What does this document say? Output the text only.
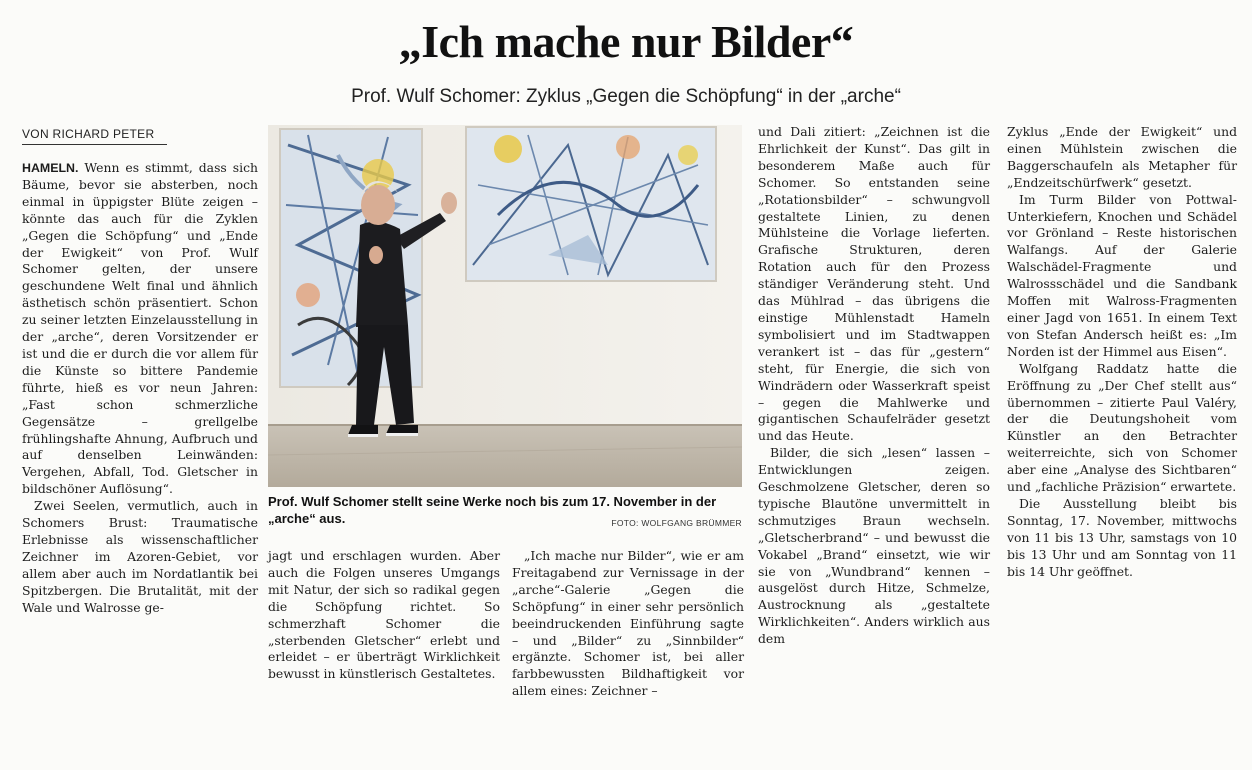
„Ich mache nur Bilder“
Prof. Wulf Schomer: Zyklus „Gegen die Schöpfung“ in der „arche“
VON RICHARD PETER

HAMELN. Wenn es stimmt, dass sich Bäume, bevor sie absterben, noch einmal in üppigster Blüte zeigen – könnte das auch für die Zyklen „Gegen die Schöpfung“ und „Ende der Ewigkeit“ von Prof. Wulf Schomer gelten, der unsere geschundene Welt final und ähnlich ästhetisch schön präsentiert. Schon zu seiner letzten Einzelausstellung in der „arche“, deren Vorsitzender er ist und die er durch die vor allem für die Künste so bittere Pandemie führte, hieß es vor neun Jahren: „Fast schon schmerzliche Gegensätze – grellgelbe frühlingshafte Ahnung, Aufbruch und auf denselben Leinwänden: Vergehen, Abfall, Tod. Gletscher in bildschöner Auflösung“.

Zwei Seelen, vermutlich, auch in Schomers Brust: Traumatische Erlebnisse als wissenschaftlicher Zeichner im Azoren-Gebiet, vor allem aber auch im Nordatlantik bei Spitzbergen. Die Brutalität, mit der Wale und Walrosse ge-

Prof. Wulf Schomer stellt seine Werke noch bis zum 17. November in der „arche“ aus.	FOTO: WOLFGANG BRÜMMER

jagt und erschlagen wurden. Aber auch die Folgen unseres Umgangs mit Natur, der sich so radikal gegen die Schöpfung richtet. So schmerzhaft Schomer die „sterbenden Gletscher“ erlebt und erleidet – er überträgt Wirklichkeit bewusst in künstlerisch Gestaltetes.

„Ich mache nur Bilder“, wie er am Freitagabend zur Vernissage in der „arche“-Galerie „Gegen die Schöpfung“ in einer sehr persönlich beeindruckenden Einführung sagte – und „Bilder“ zu „Sinnbilder“ ergänzte. Schomer ist, bei aller farbbewussten Bildhaftigkeit vor allem eines: Zeichner –

und Dali zitiert: „Zeichnen ist die Ehrlichkeit der Kunst“. Das gilt in besonderem Maße auch für Schomer. So entstanden seine „Rotationsbilder“ – schwungvoll gestaltete Linien, zu denen Mühlsteine die Vorlage lieferten. Grafische Strukturen, deren Rotation auch für den Prozess ständiger Veränderung steht. Und das Mühlrad – das übrigens die einstige Mühlenstadt Hameln symbolisiert und im Stadtwappen verankert ist – das für „gestern“ steht, für Energie, die sich von Windrädern oder Wasserkraft speist – gegen die Mahlwerke und gigantischen Schaufelräder gesetzt und das Heute.

Bilder, die sich „lesen“ lassen – Entwicklungen zeigen. Geschmolzene Gletscher, deren so typische Blautöne unvermittelt in schmutziges Braun wechseln. „Gletscherbrand“ – und bewusst die Vokabel „Brand“ einsetzt, wie wir sie von „Wundbrand“ kennen – ausgelöst durch Hitze, Schmelze, Austrocknung als „gestaltete Wirklichkeiten“. Anders wirklich aus dem

Zyklus „Ende der Ewigkeit“ und einen Mühlstein zwischen die Baggerschaufeln als Metapher für „Endzeitschürfwerk“ gesetzt.

Im Turm Bilder von Pottwal-Unterkiefern, Knochen und Schädel vor Grönland – Reste historischen Walfangs. Auf der Galerie Walschädel-Fragmente und Walrossschädel und die Sandbank Moffen mit Walross-Fragmenten einer Jagd von 1651. In einem Text von Stefan Andersch heißt es: „Im Norden ist der Himmel aus Eisen“.

Wolfgang Raddatz hatte die Eröffnung zu „Der Chef stellt aus“ übernommen – zitierte Paul Valéry, der die Deutungshoheit vom Künstler an den Betrachter weiterreichte, sich von Schomer aber eine „Analyse des Sichtbaren“ und „fachliche Präzision“ erwartete.

Die Ausstellung bleibt bis Sonntag, 17. November, mittwochs von 11 bis 13 Uhr, samstags von 10 bis 13 Uhr und am Sonntag von 11 bis 14 Uhr geöffnet.
